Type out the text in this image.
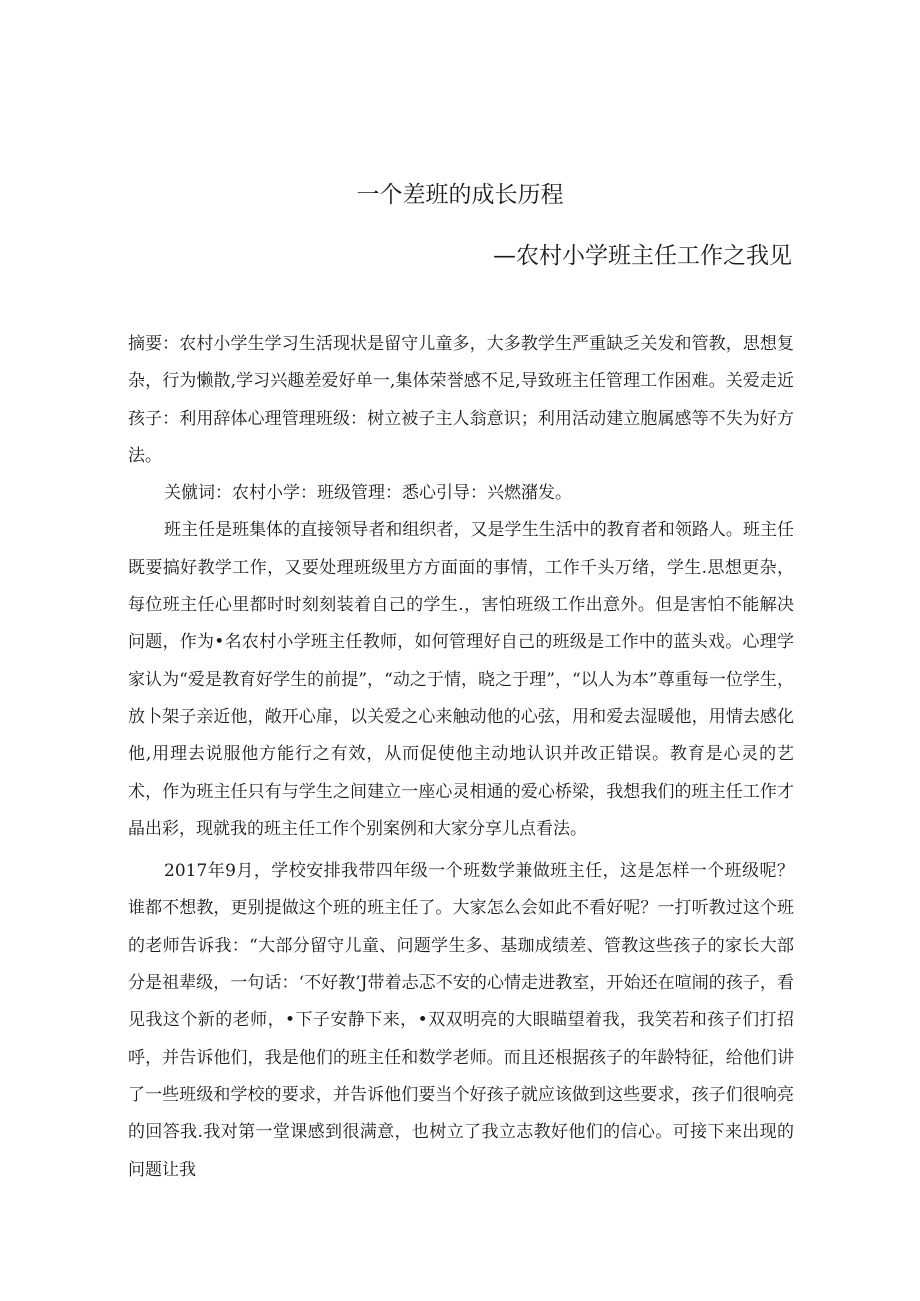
一个差班的成长历程
—农村小学班主任工作之我见

摘要：农村小学生学习生活现状是留守儿童多，大多教学生严重缺乏关发和管教，思想复杂，行为懒散,学习兴趣差爱好单一,集体荣誉感不足,导致班主任管理工作困难。关爱走近孩子：利用辞体心理管理班级：树立被子主人翁意识；利用活动建立胞属感等不失为好方法。

关僦词：农村小学：班级管理：悉心引导：兴燃潴发。

班主任是班集体的直接领导者和组织者，又是学生生活中的教育者和领路人。班主任既要搞好教学工作，又要处理班级里方方面面的事情，工作千头万绪，学生.思想更杂，每位班主任心里都时时刻刻装着自己的学生.，害怕班级工作出意外。但是害怕不能解决问题，作为•名农村小学班主任教师，如何管理好自己的班级是工作中的蓝头戏。心理学家认为“爱是教育好学生的前提”，“动之于情，晓之于理”，“以人为本”尊重每一位学生，放卜架子亲近他，敞开心扉，以关爱之心来触动他的心弦，用和爱去湿暖他，用情去感化他,用理去说服他方能行之有效，从而促使他主动地认识并改正错误。教育是心灵的艺术，作为班主任只有与学生之间建立一座心灵相通的爱心桥梁，我想我们的班主任工作才晶出彩，现就我的班主任工作个别案例和大家分享儿点看法。

2017年9月，学校安排我带四年级一个班数学兼做班主任，这是怎样一个班级呢？谁都不想教，更别提做这个班的班主任了。大家怎么会如此不看好呢？一打听教过这个班的老师告诉我：“大部分留守儿童、问题学生多、基珈成绩差、管教这些孩子的家长大部分是祖辈级，一句话：‘不好教’J带着忐忑不安的心情走进教室，开始还在喧闹的孩子，看见我这个新的老师，•下子安静下来，•双双明亮的大眼瞄望着我，我笑若和孩子们打招呼，并告诉他们，我是他们的班主任和数学老师。而且还根据孩子的年龄特征，给他们讲了一些班级和学校的要求，并告诉他们要当个好孩子就应该做到这些要求，孩子们很响亮的回答我.我对第一堂课感到很满意，也树立了我立志教好他们的信心。可接下来出现的问题让我
